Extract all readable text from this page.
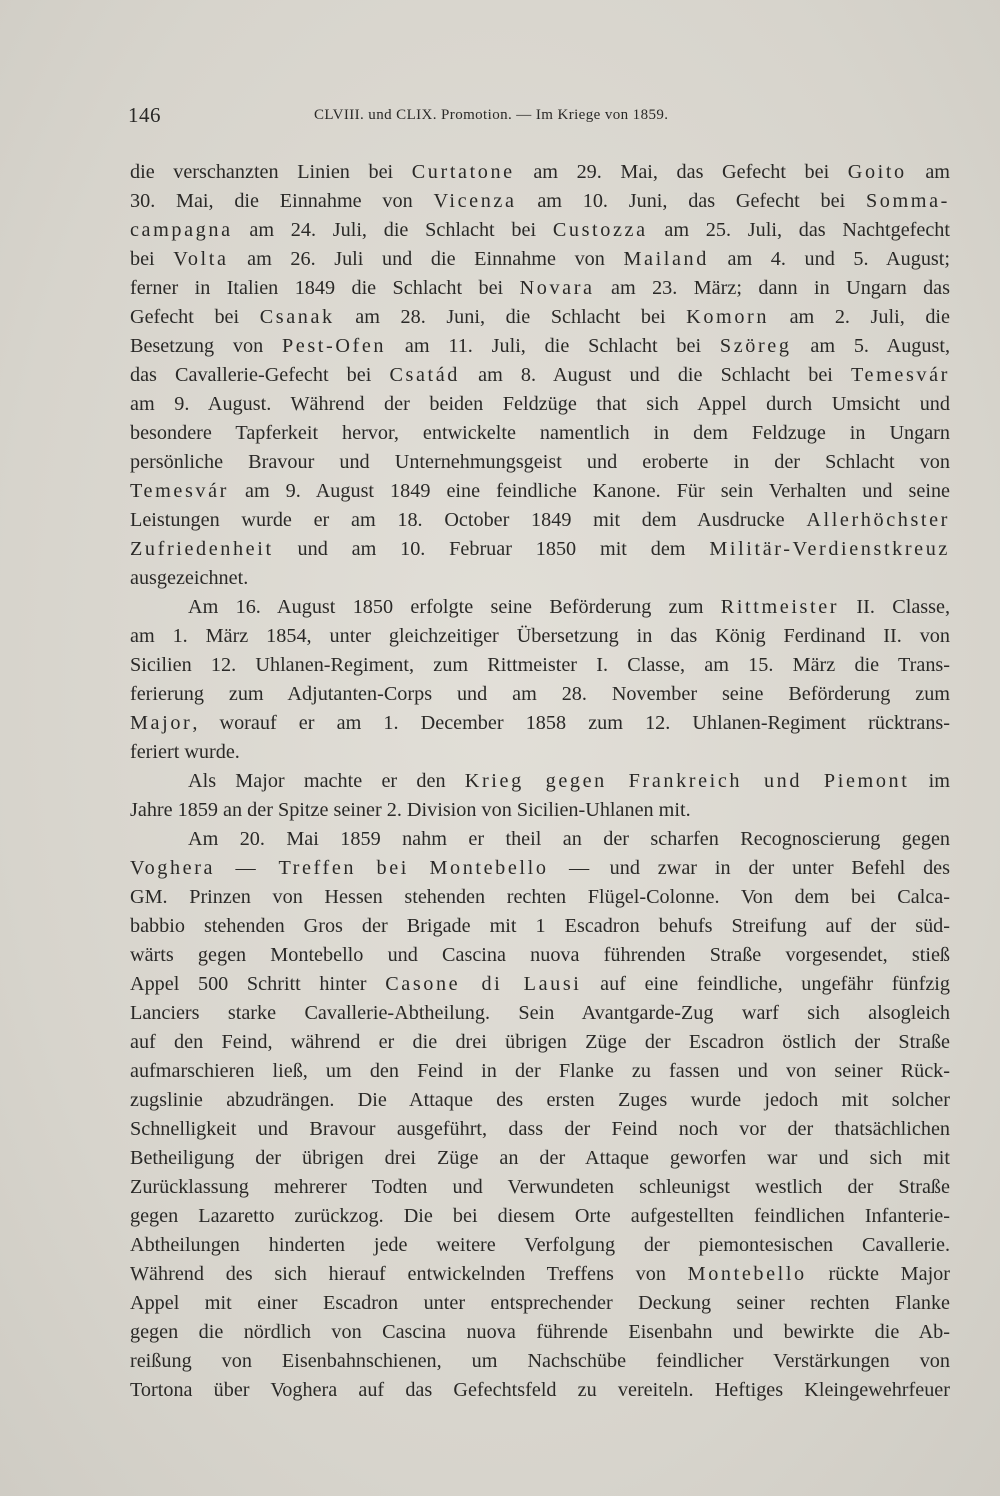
146	CLVIII. und CLIX. Promotion. — Im Kriege von 1859.
die verschanzten Linien bei Curtatone am 29. Mai, das Gefecht bei Goito am
30. Mai, die Einnahme von Vicenza am 10. Juni, das Gefecht bei Somma-
campagna am 24. Juli, die Schlacht bei Custozza am 25. Juli, das Nachtgefecht
bei Volta am 26. Juli und die Einnahme von Mailand am 4. und 5. August;
ferner in Italien 1849 die Schlacht bei Novara am 23. März; dann in Ungarn das
Gefecht bei Csanak am 28. Juni, die Schlacht bei Komorn am 2. Juli, die
Besetzung von Pest-Ofen am 11. Juli, die Schlacht bei Szöreg am 5. August,
das Cavallerie-Gefecht bei Csatád am 8. August und die Schlacht bei Temesvár
am 9. August. Während der beiden Feldzüge that sich Appel durch Umsicht und
besondere Tapferkeit hervor, entwickelte namentlich in dem Feldzuge in Ungarn
persönliche Bravour und Unternehmungsgeist und eroberte in der Schlacht von
Temesvár am 9. August 1849 eine feindliche Kanone. Für sein Verhalten und seine
Leistungen wurde er am 18. October 1849 mit dem Ausdrucke Allerhöchster
Zufriedenheit und am 10. Februar 1850 mit dem Militär-Verdienstkreuz
ausgezeichnet.
Am 16. August 1850 erfolgte seine Beförderung zum Rittmeister II. Classe,
am 1. März 1854, unter gleichzeitiger Übersetzung in das König Ferdinand II. von
Sicilien 12. Uhlanen-Regiment, zum Rittmeister I. Classe, am 15. März die Trans-
ferierung zum Adjutanten-Corps und am 28. November seine Beförderung zum
Major, worauf er am 1. December 1858 zum 12. Uhlanen-Regiment rücktrans-
feriert wurde.
Als Major machte er den Krieg gegen Frankreich und Piemont im
Jahre 1859 an der Spitze seiner 2. Division von Sicilien-Uhlanen mit.
Am 20. Mai 1859 nahm er theil an der scharfen Recognoscierung gegen
Voghera — Treffen bei Montebello — und zwar in der unter Befehl des
GM. Prinzen von Hessen stehenden rechten Flügel-Colonne. Von dem bei Calca-
babbio stehenden Gros der Brigade mit 1 Escadron behufs Streifung auf der süd-
wärts gegen Montebello und Cascina nuova führenden Straße vorgesendet, stieß
Appel 500 Schritt hinter Casone di Lausi auf eine feindliche, ungefähr fünfzig
Lanciers starke Cavallerie-Abtheilung. Sein Avantgarde-Zug warf sich alsogleich
auf den Feind, während er die drei übrigen Züge der Escadron östlich der Straße
aufmarschieren ließ, um den Feind in der Flanke zu fassen und von seiner Rück-
zugslinie abzudrängen. Die Attaque des ersten Zuges wurde jedoch mit solcher
Schnelligkeit und Bravour ausgeführt, dass der Feind noch vor der thatsächlichen
Betheiligung der übrigen drei Züge an der Attaque geworfen war und sich mit
Zurücklassung mehrerer Todten und Verwundeten schleunigst westlich der Straße
gegen Lazaretto zurückzog. Die bei diesem Orte aufgestellten feindlichen Infanterie-
Abtheilungen hinderten jede weitere Verfolgung der piemontesischen Cavallerie.
Während des sich hierauf entwickelnden Treffens von Montebello rückte Major
Appel mit einer Escadron unter entsprechender Deckung seiner rechten Flanke
gegen die nördlich von Cascina nuova führende Eisenbahn und bewirkte die Ab-
reißung von Eisenbahnschienen, um Nachschübe feindlicher Verstärkungen von
Tortona über Voghera auf das Gefechtsfeld zu vereiteln. Heftiges Kleingewehrfeuer
